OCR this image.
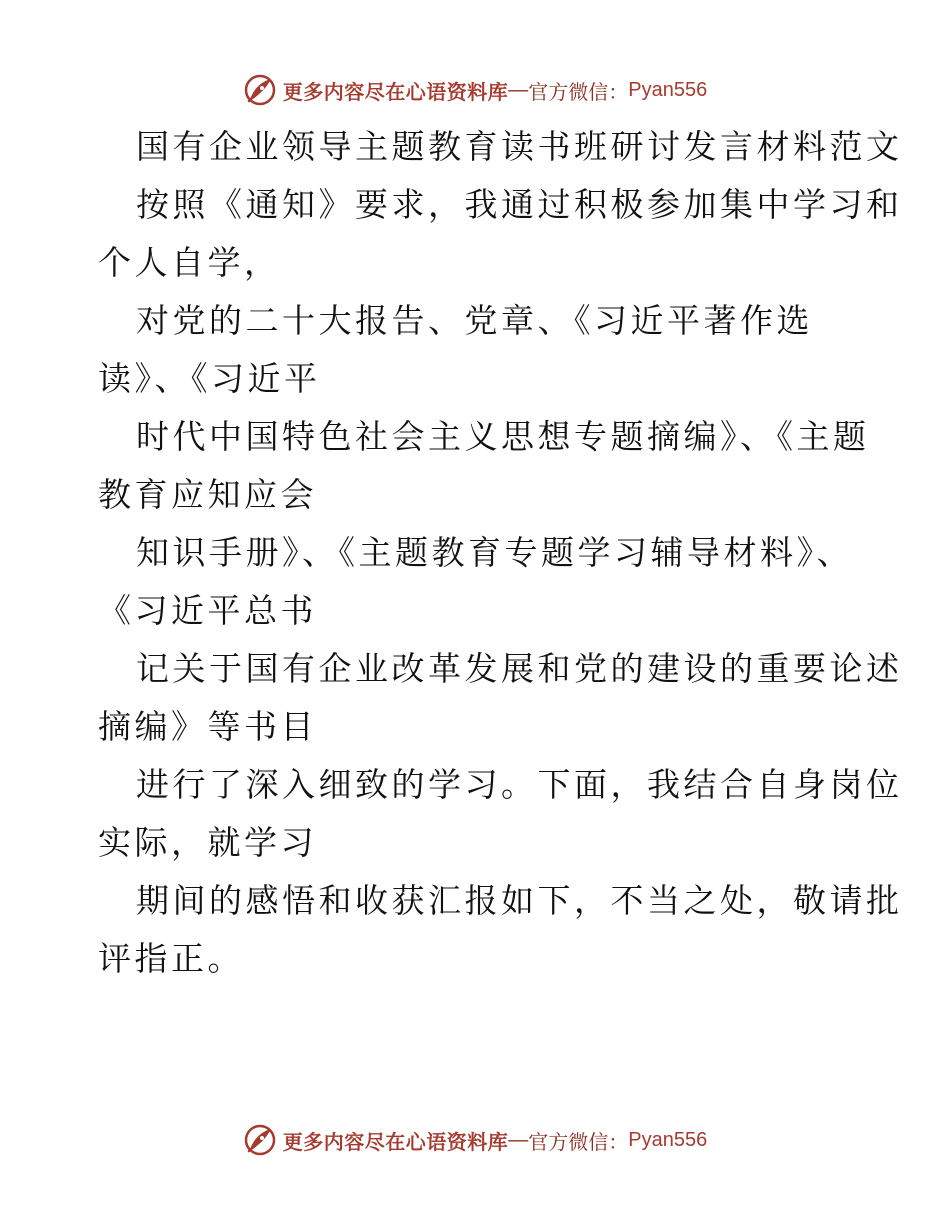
更多内容尽在心语资料库 — 官方微信： Pyan556
国有企业领导主题教育读书班研讨发言材料范文
按照《通知》要求，我通过积极参加集中学习和
个人自学，
对党的二十大报告、党章、《习近平著作选
读》、《习近平
时代中国特色社会主义思想专题摘编》、《主题
教育应知应会
知识手册》、《主题教育专题学习辅导材料》、
《习近平总书
记关于国有企业改革发展和党的建设的重要论述
摘编》等书目
进行了深入细致的学习。下面，我结合自身岗位
实际，就学习
期间的感悟和收获汇报如下，不当之处，敬请批
评指正。
更多内容尽在心语资料库 — 官方微信： Pyan556
